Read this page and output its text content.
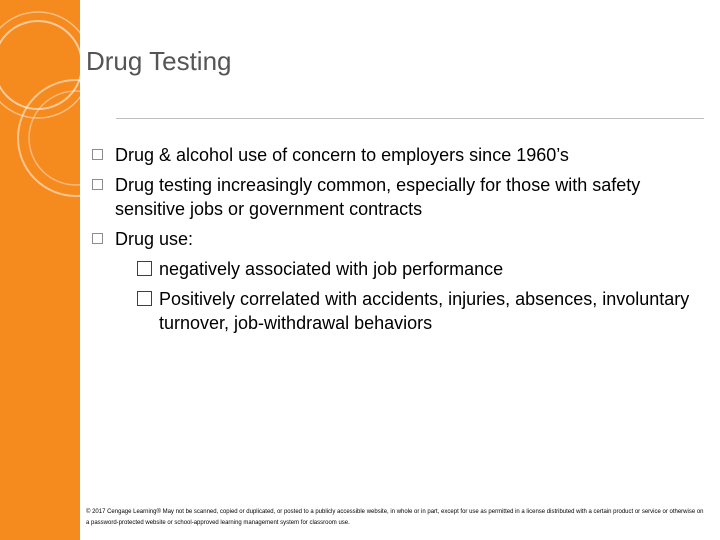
Drug Testing
Drug & alcohol use of concern to employers since 1960’s
Drug testing increasingly common, especially for those with safety sensitive jobs or government contracts
Drug use:
negatively associated with job performance
Positively correlated with accidents, injuries, absences, involuntary turnover, job-withdrawal behaviors
© 2017 Cengage Learning® May not be scanned, copied or duplicated, or posted to a publicly accessible website, in whole or in part, except for use as permitted in a license distributed with a certain product or service or otherwise on a password-protected website or school-approved learning management system for classroom use.
